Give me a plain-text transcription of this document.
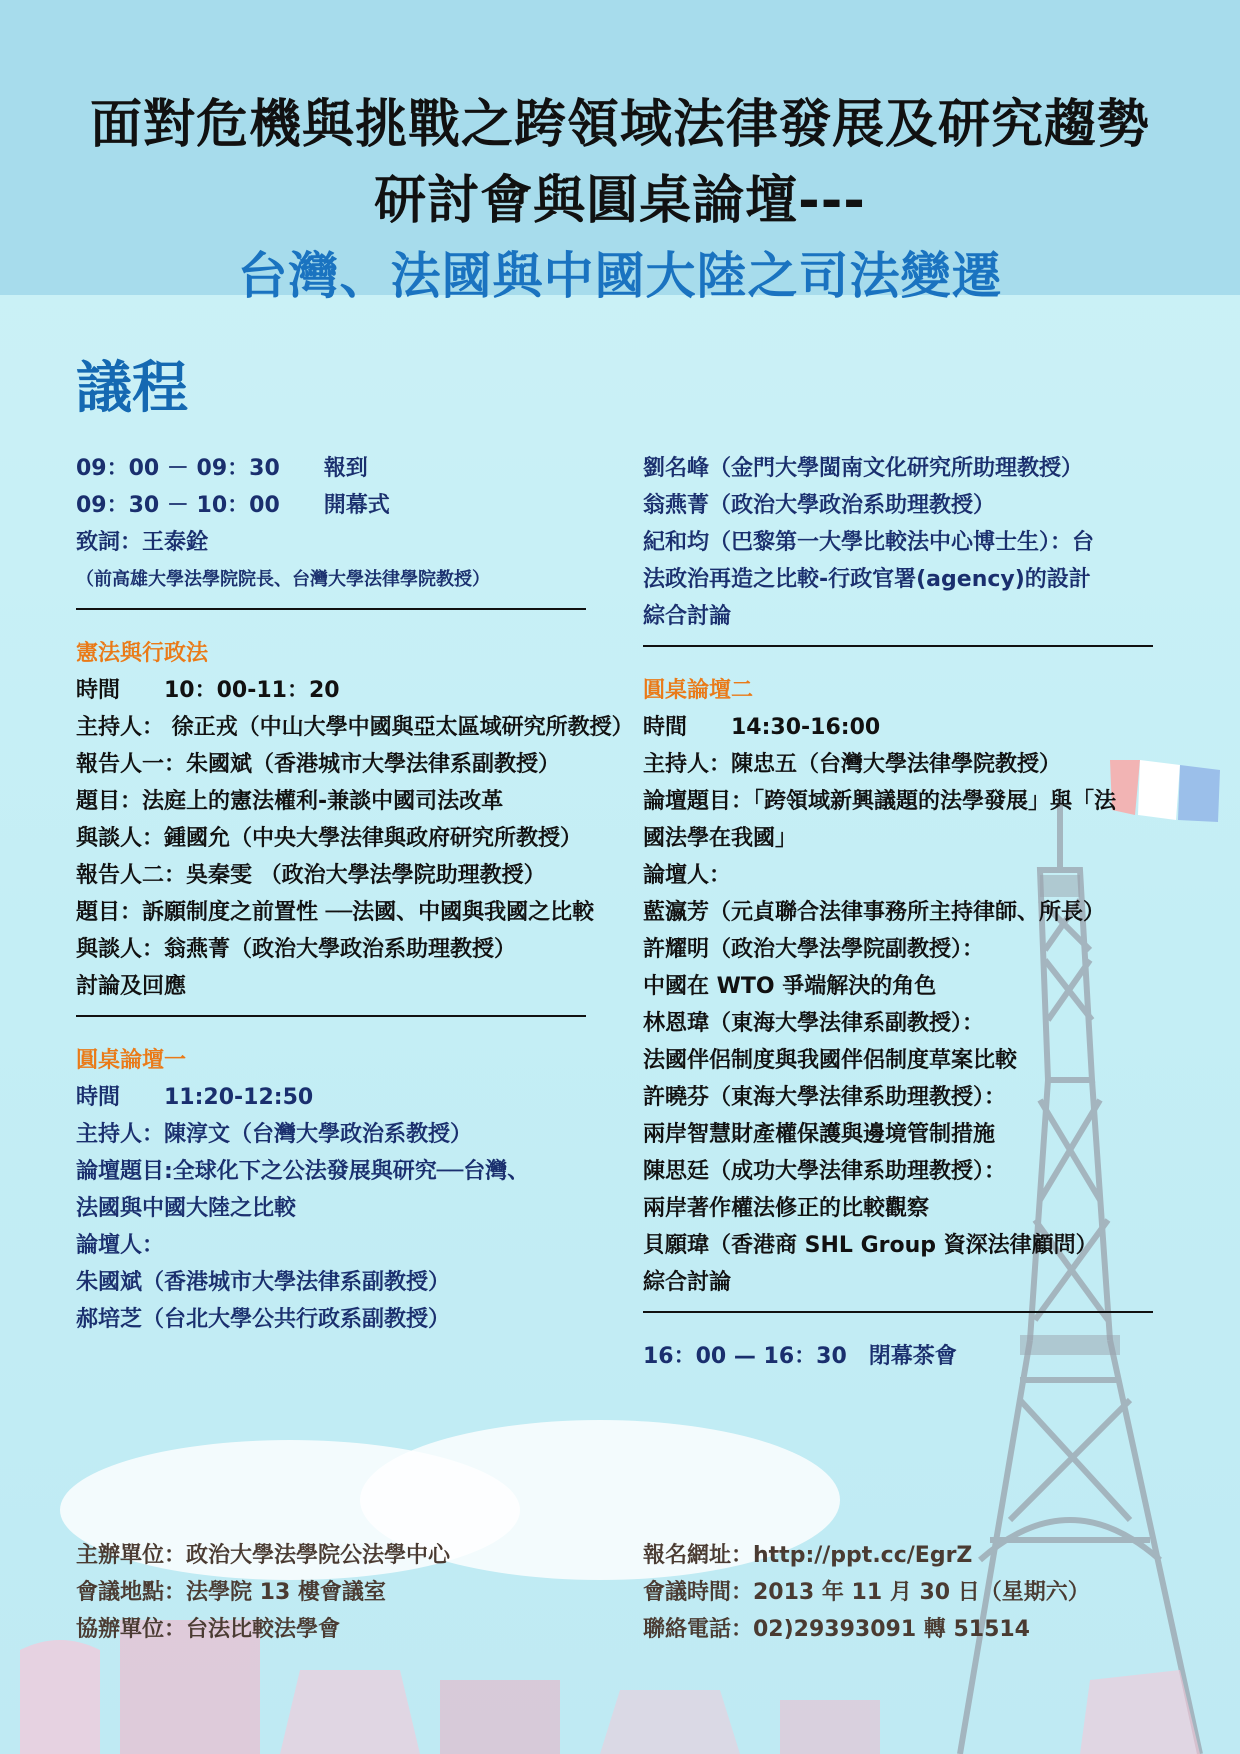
面對危機與挑戰之跨領域法律發展及研究趨勢
研討會與圓桌論壇---
台灣、法國與中國大陸之司法變遷
議程
09：00 － 09：30　　報到
09：30 － 10：00　　開幕式
致詞：王泰銓
（前高雄大學法學院院長、台灣大學法律學院教授）
憲法與行政法
時間　　10：00-11：20
主持人： 徐正戎（中山大學中國與亞太區域研究所教授）
報告人一：朱國斌（香港城市大學法律系副教授）
題目：法庭上的憲法權利-兼談中國司法改革
與談人：鍾國允（中央大學法律與政府研究所教授）
報告人二：吳秦雯 （政治大學法學院助理教授）
題目：訴願制度之前置性 ──法國、中國與我國之比較
與談人：翁燕菁（政治大學政治系助理教授）
討論及回應
圓桌論壇一
時間　　11:20-12:50
主持人：陳淳文（台灣大學政治系教授）
論壇題目:全球化下之公法發展與研究──台灣、
法國與中國大陸之比較
論壇人：
朱國斌（香港城市大學法律系副教授）
郝培芝（台北大學公共行政系副教授）
劉名峰（金門大學閩南文化研究所助理教授）
翁燕菁（政治大學政治系助理教授）
紀和均（巴黎第一大學比較法中心博士生）：台
法政治再造之比較-行政官署(agency)的設計
綜合討論
圓桌論壇二
時間　　14:30-16:00
主持人：陳忠五（台灣大學法律學院教授）
論壇題目：「跨領域新興議題的法學發展」與「法
國法學在我國」
論壇人：
藍瀛芳（元貞聯合法律事務所主持律師、所長）
許耀明（政治大學法學院副教授）：
中國在 WTO 爭端解決的角色
林恩瑋（東海大學法律系副教授）：
法國伴侶制度與我國伴侶制度草案比較
許曉芬（東海大學法律系助理教授）：
兩岸智慧財產權保護與邊境管制措施
陳思廷（成功大學法律系助理教授）：
兩岸著作權法修正的比較觀察
貝願瑋（香港商 SHL Group 資深法律顧問）
綜合討論
16：00 — 16：30　閉幕茶會
主辦單位：政治大學法學院公法學中心
會議地點：法學院 13 樓會議室
協辦單位：台法比較法學會
報名網址：http://ppt.cc/EgrZ
會議時間：2013 年 11 月 30 日（星期六）
聯絡電話：02)29393091 轉 51514
